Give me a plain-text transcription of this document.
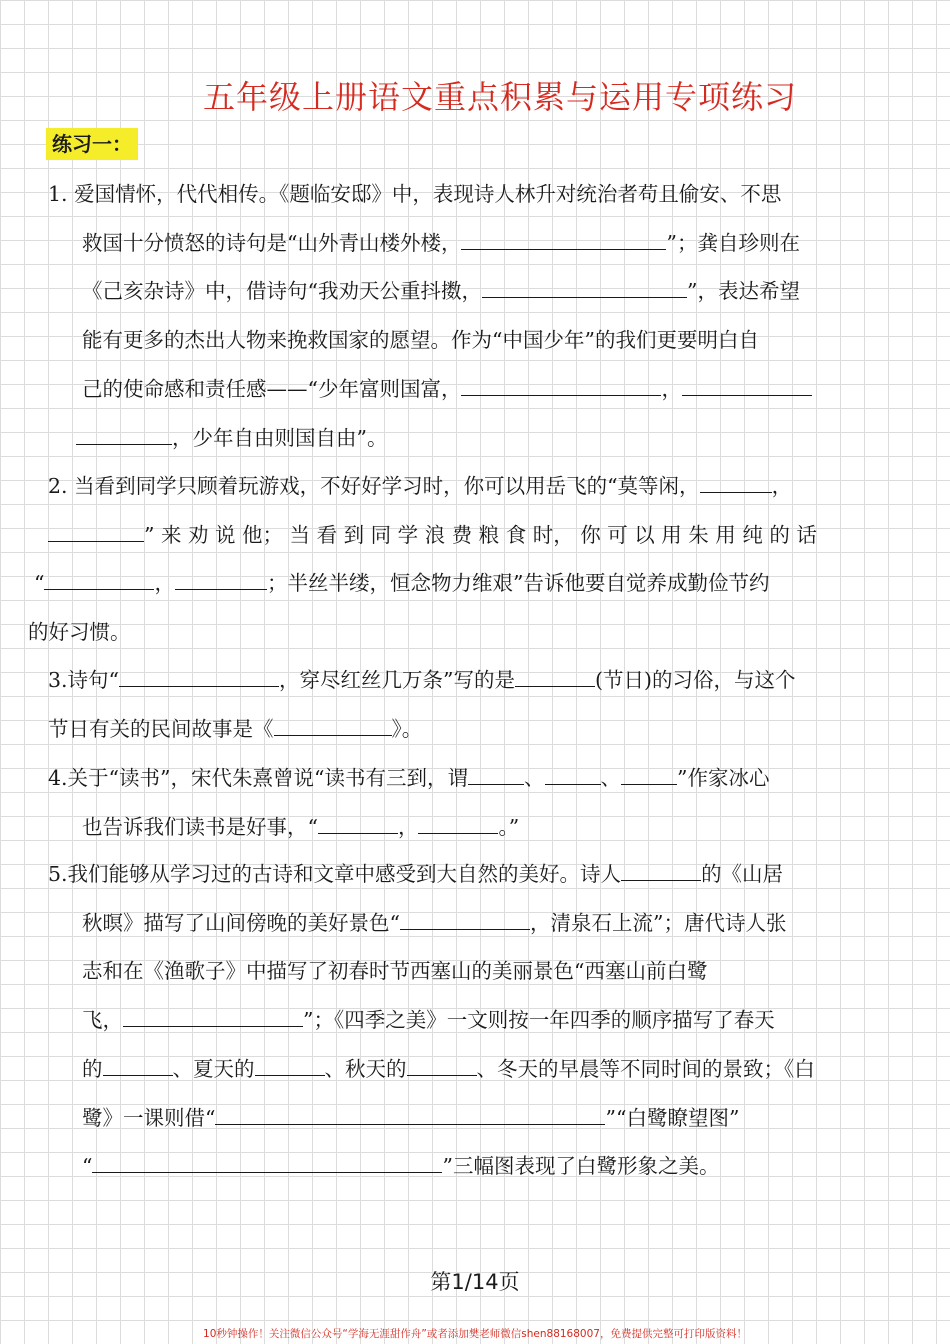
五年级上册语文重点积累与运用专项练习
练习一：
1. 爱国情怀，代代相传。《题临安邸》中，表现诗人林升对统治者苟且偷安、不思
救国十分愤怒的诗句是“山外青山楼外楼，	”；龚自珍则在
《己亥杂诗》中，借诗句“我劝天公重抖擞，	”，表达希望
能有更多的杰出人物来挽救国家的愿望。作为“中国少年”的我们更要明白自
己的使命感和责任感——“少年富则国富，	，
，少年自由则国自由”。
2. 当看到同学只顾着玩游戏，不好好学习时，你可以用岳飞的“莫等闲，	，
” 来 劝 说 他； 当 看 到 同 学 浪 费 粮 食 时， 你 可 以 用 朱 用 纯 的 话
“	，	；半丝半缕，恒念物力维艰”告诉他要自觉养成勤俭节约
的好习惯。
3.诗句“	，穿尽红丝几万条”写的是	(节日)的习俗，与这个
节日有关的民间故事是《	》。
4.关于“读书”，宋代朱熹曾说“读书有三到，谓	、	、	”作家冰心
也告诉我们读书是好事，“	，	。”
5.我们能够从学习过的古诗和文章中感受到大自然的美好。诗人	的《山居
秋暝》描写了山间傍晚的美好景色“	，清泉石上流”；唐代诗人张
志和在《渔歌子》中描写了初春时节西塞山的美丽景色“西塞山前白鹭
飞，	”；《四季之美》一文则按一年四季的顺序描写了春天
的	、夏天的	、秋天的	、冬天的早晨等不同时间的景致；《白
鹭》一课则借“	”“白鹭瞭望图”
“	”三幅图表现了白鹭形象之美。
第1/14页
10秒钟操作！关注微信公众号“学海无涯甜作舟”或者添加樊老师微信shen88168007，免费提供完整可打印版资料！
